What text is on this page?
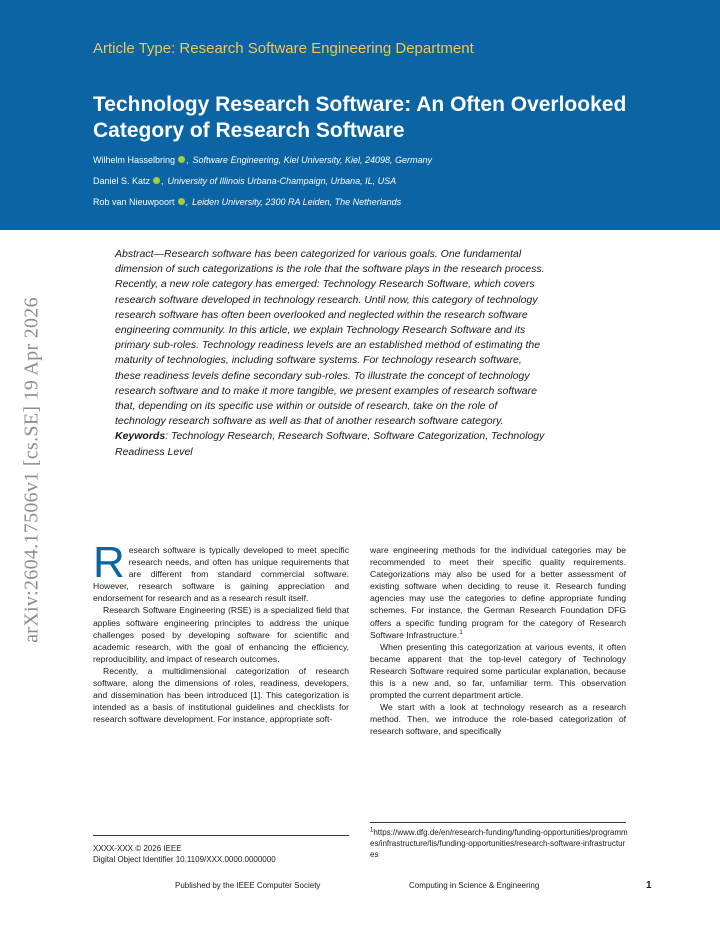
Article Type: Research Software Engineering Department
Technology Research Software: An Often Overlooked Category of Research Software
Wilhelm Hasselbring , Software Engineering, Kiel University, Kiel, 24098, Germany
Daniel S. Katz , University of Illinois Urbana-Champaign, Urbana, IL, USA
Rob van Nieuwpoort , Leiden University, 2300 RA Leiden, The Netherlands
arXiv:2604.17506v1 [cs.SE] 19 Apr 2026

Abstract—Research software has been categorized for various goals. One fundamental dimension of such categorizations is the role that the software plays in the research process. Recently, a new role category has emerged: Technology Research Software, which covers research software developed in technology research. Until now, this category of technology research software has often been overlooked and neglected within the research software engineering community. In this article, we explain Technology Research Software and its primary sub-roles. Technology readiness levels are an established method of estimating the maturity of technologies, including software systems. For technology research software, these readiness levels define secondary sub-roles. To illustrate the concept of technology research software and to make it more tangible, we present examples of research software that, depending on its specific use within or outside of research, take on the role of technology research software as well as that of another research software category.

Keywords: Technology Research, Research Software, Software Categorization, Technology Readiness Level

Research software is typically developed to meet specific research needs, and often has unique requirements that are different from standard commercial software. However, research software is gaining appreciation and endorsement for research and as a research result itself.

Research Software Engineering (RSE) is a specialized field that applies software engineering principles to address the unique challenges posed by developing software for scientific and academic research, with the goal of enhancing the efficiency, reproducibility, and impact of research outcomes.

Recently, a multidimensional categorization of research software, along the dimensions of roles, readiness, developers, and dissemination has been introduced [1]. This categorization is intended as a basis of institutional guidelines and checklists for research software development. For instance, appropriate soft-

ware engineering methods for the individual categories may be recommended to meet their specific quality requirements. Categorizations may also be used for a better assessment of existing software when deciding to reuse it. Research funding agencies may use the categories to define appropriate funding schemes. For instance, the German Research Foundation DFG offers a specific funding program for the category of Research Software Infrastructure.$^1$

When presenting this categorization at various events, it often became apparent that the top-level category of Technology Research Software required some particular explanation, because this is a new and, so far, unfamiliar term. This observation prompted the current department article.

We start with a look at technology research as a research method. Then, we introduce the role-based categorization of research software, and specifically

XXXX-XXX © 2026 IEEE
Digital Object Identifier 10.1109/XXX.0000.0000000
$^1$https://www.dfg.de/en/research-funding/funding-opportunities/programmes/infrastructure/lis/funding-opportunities/research-software-infrastructures
Published by the IEEE Computer Society	Computing in Science & Engineering	1
